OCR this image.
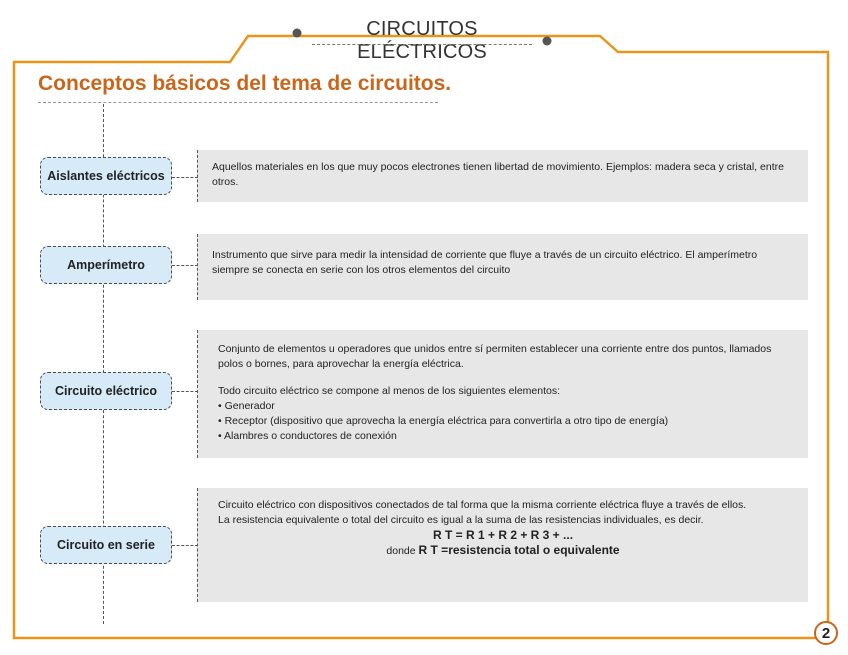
CIRCUITOS ELÉCTRICOS
Conceptos básicos del tema de circuitos.

Aquellos materiales en los que muy pocos electrones tienen libertad de movimiento. Ejemplos: madera seca y cristal, entre

otros.

Aislantes eléctricos

Instrumento que sirve para medir la intensidad de corriente que fluye a través de un circuito eléctrico. El amperímetro

siempre se conecta en serie con los otros elementos del circuito

Amperímetro

Conjunto de elementos u operadores que unidos entre sí permiten establecer una corriente entre dos puntos, llamados

polos o bornes, para aprovechar la energía eléctrica.

Todo circuito eléctrico se compone al menos de los siguientes elementos:

• Generador

• Receptor (dispositivo que aprovecha la energía eléctrica para convertirla a otro tipo de energía)

• Alambres o conductores de conexión

Circuito eléctrico

Circuito eléctrico con dispositivos conectados de tal forma que la misma corriente eléctrica fluye a través de ellos.

La resistencia equivalente o total del circuito es igual a la suma de las resistencias individuales, es decir.

R T = R 1 + R 2 + R 3 + ...

donde R T =resistencia total o equivalente

Circuito en serie
2
